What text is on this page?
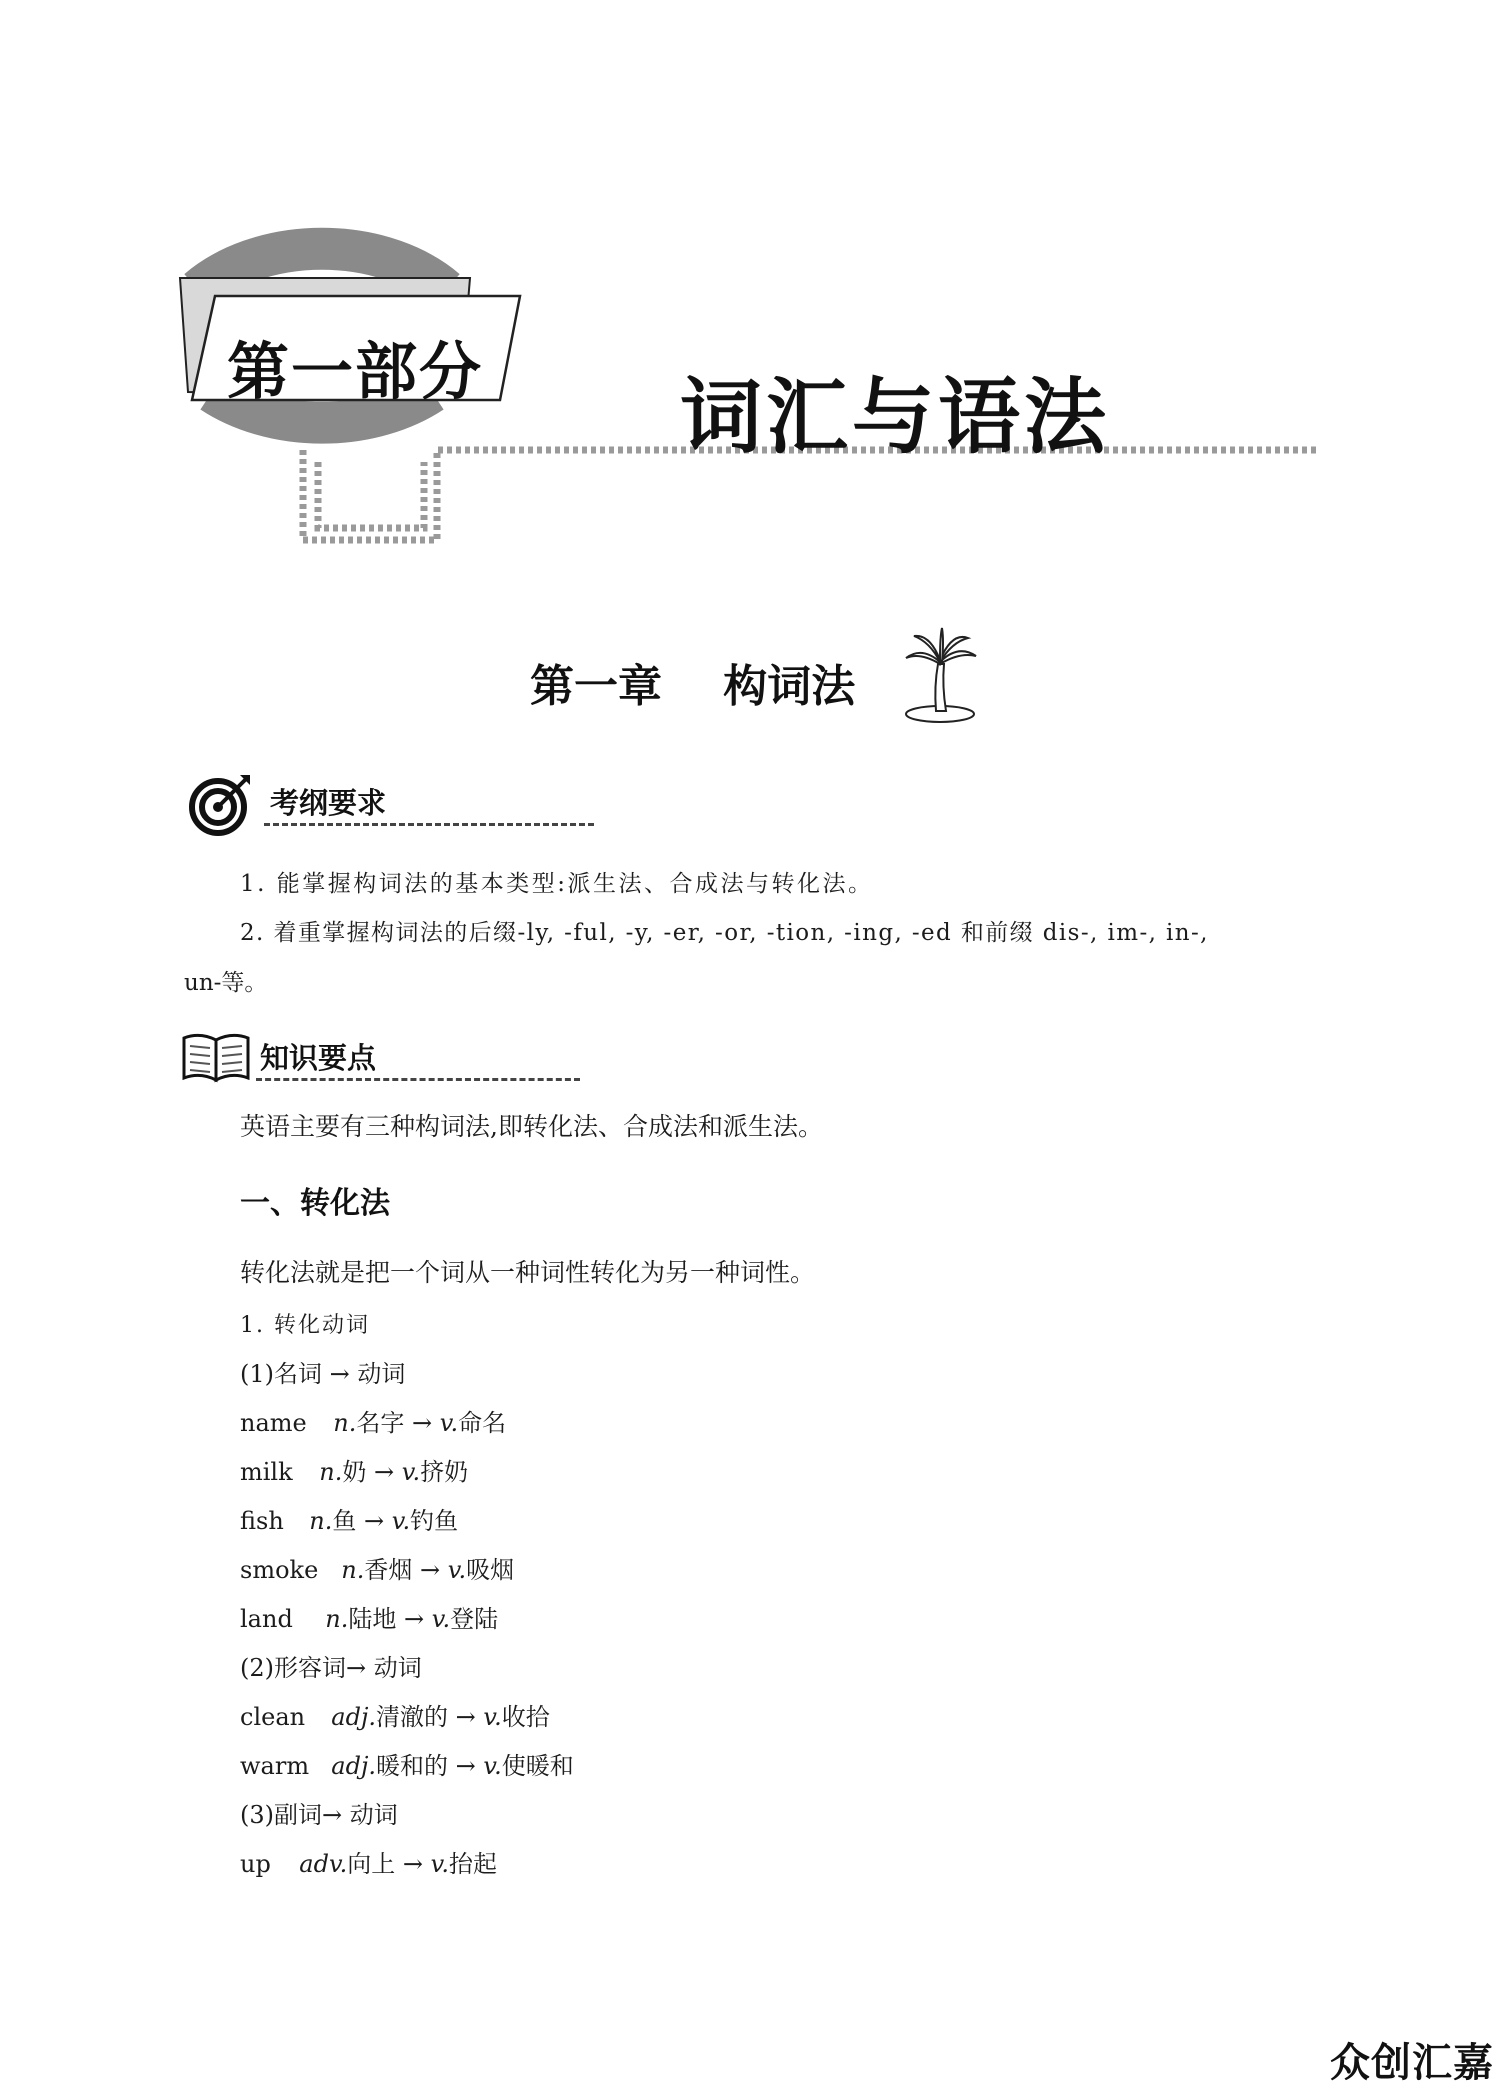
第一部分 词汇与语法
第一章    构词法
考纲要求
1. 能掌握构词法的基本类型:派生法、合成法与转化法。
2. 着重掌握构词法的后缀-ly, -ful, -y, -er, -or, -tion, -ing, -ed 和前缀 dis-, im-, in-,
un-等。
知识要点
英语主要有三种构词法,即转化法、合成法和派生法。
一、转化法
转化法就是把一个词从一种词性转化为另一种词性。
1. 转化动词
(1)名词 → 动词
name n.名字 → v.命名
milk n.奶 → v.挤奶
fish n.鱼 → v.钓鱼
smoke n.香烟 → v.吸烟
land n.陆地 → v.登陆
(2)形容词→ 动词
clean adj.清澈的 → v.收拾
warm adj.暖和的 → v.使暖和
(3)副词→ 动词
up adv.向上 → v.抬起
众创汇嘉
